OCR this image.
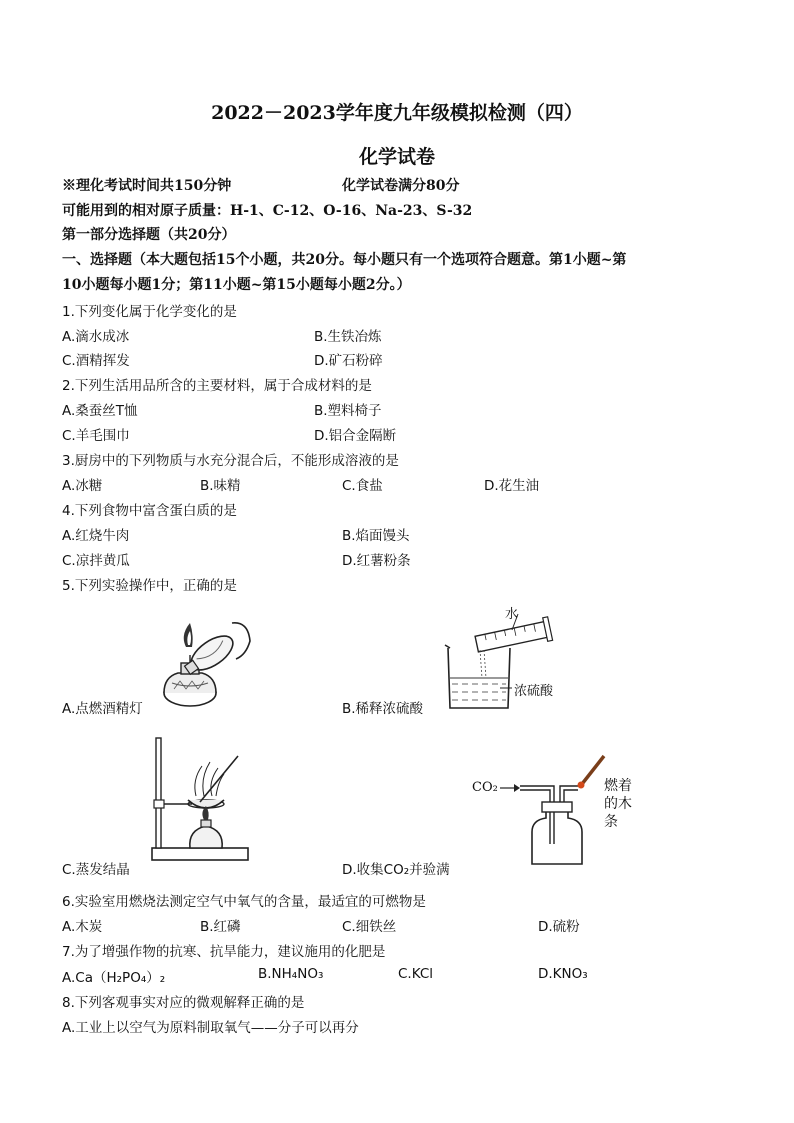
2022－2023学年度九年级模拟检测（四）
化学试卷
※理化考试时间共150分钟	化学试卷满分80分
可能用到的相对原子质量：H-1、C-12、O-16、Na-23、S-32
第一部分选择题（共20分）
一、选择题（本大题包括15个小题，共20分。每小题只有一个选项符合题意。第1小题~第
10小题每小题1分；第11小题~第15小题每小题2分。）
1.下列变化属于化学变化的是
A.滴水成冰	B.生铁冶炼
C.酒精挥发	D.矿石粉碎
2.下列生活用品所含的主要材料，属于合成材料的是
A.桑蚕丝T恤	B.塑料椅子
C.羊毛围巾	D.铝合金隔断
3.厨房中的下列物质与水充分混合后，不能形成溶液的是
A.冰糖	B.味精	C.食盐	D.花生油
4.下列食物中富含蛋白质的是
A.红烧牛肉	B.焰面馒头
C.凉拌黄瓜	D.红薯粉条
5.下列实验操作中，正确的是
A.点燃酒精灯
水
浓硫酸
B.稀释浓硫酸
C.蒸发结晶
CO₂	燃着
的木
条
D.收集CO₂并验满
6.实验室用燃烧法测定空气中氧气的含量，最适宜的可燃物是
A.木炭	B.红磷	C.细铁丝	D.硫粉
7.为了增强作物的抗寒、抗旱能力，建议施用的化肥是
A.Ca（H₂PO₄）₂	B.NH₄NO₃	C.KCl	D.KNO₃
8.下列客观事实对应的微观解释正确的是
A.工业上以空气为原料制取氧气——分子可以再分
